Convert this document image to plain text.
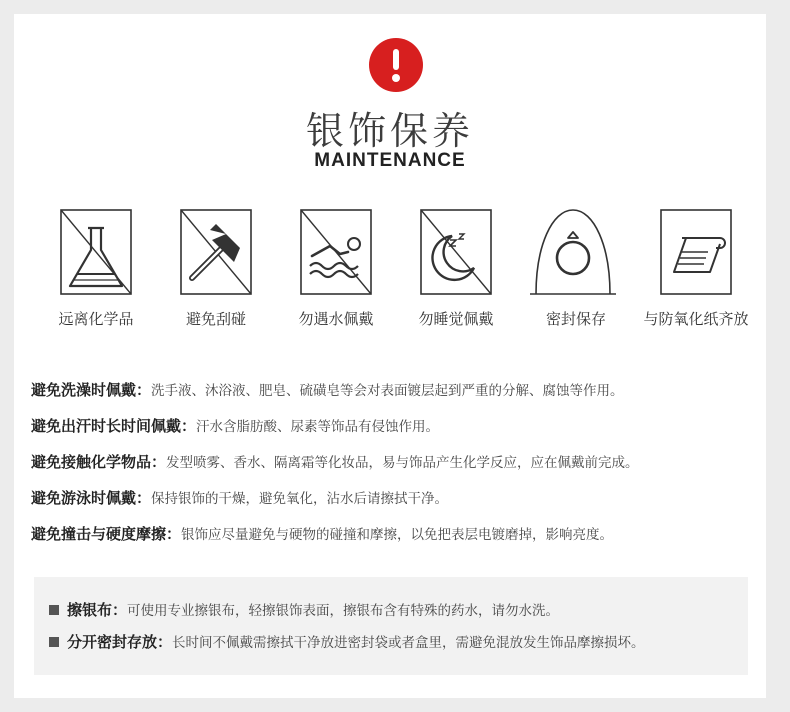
银饰保养
MAINTENANCE
远离化学品	避免刮碰	勿遇水佩戴	勿睡觉佩戴	密封保存	与防氧化纸齐放
避免洗澡时佩戴：洗手液、沐浴液、肥皂、硫磺皂等会对表面镀层起到严重的分解、腐蚀等作用。
避免出汗时长时间佩戴：汗水含脂肪酸、尿素等饰品有侵蚀作用。
避免接触化学物品：发型喷雾、香水、隔离霜等化妆品，易与饰品产生化学反应，应在佩戴前完成。
避免游泳时佩戴：保持银饰的干燥，避免氧化，沾水后请擦拭干净。
避免撞击与硬度摩擦：银饰应尽量避免与硬物的碰撞和摩擦，以免把表层电镀磨掉，影响亮度。
擦银布：可使用专业擦银布，轻擦银饰表面，擦银布含有特殊的药水，请勿水洗。
分开密封存放：长时间不佩戴需擦拭干净放进密封袋或者盒里，需避免混放发生饰品摩擦损坏。
